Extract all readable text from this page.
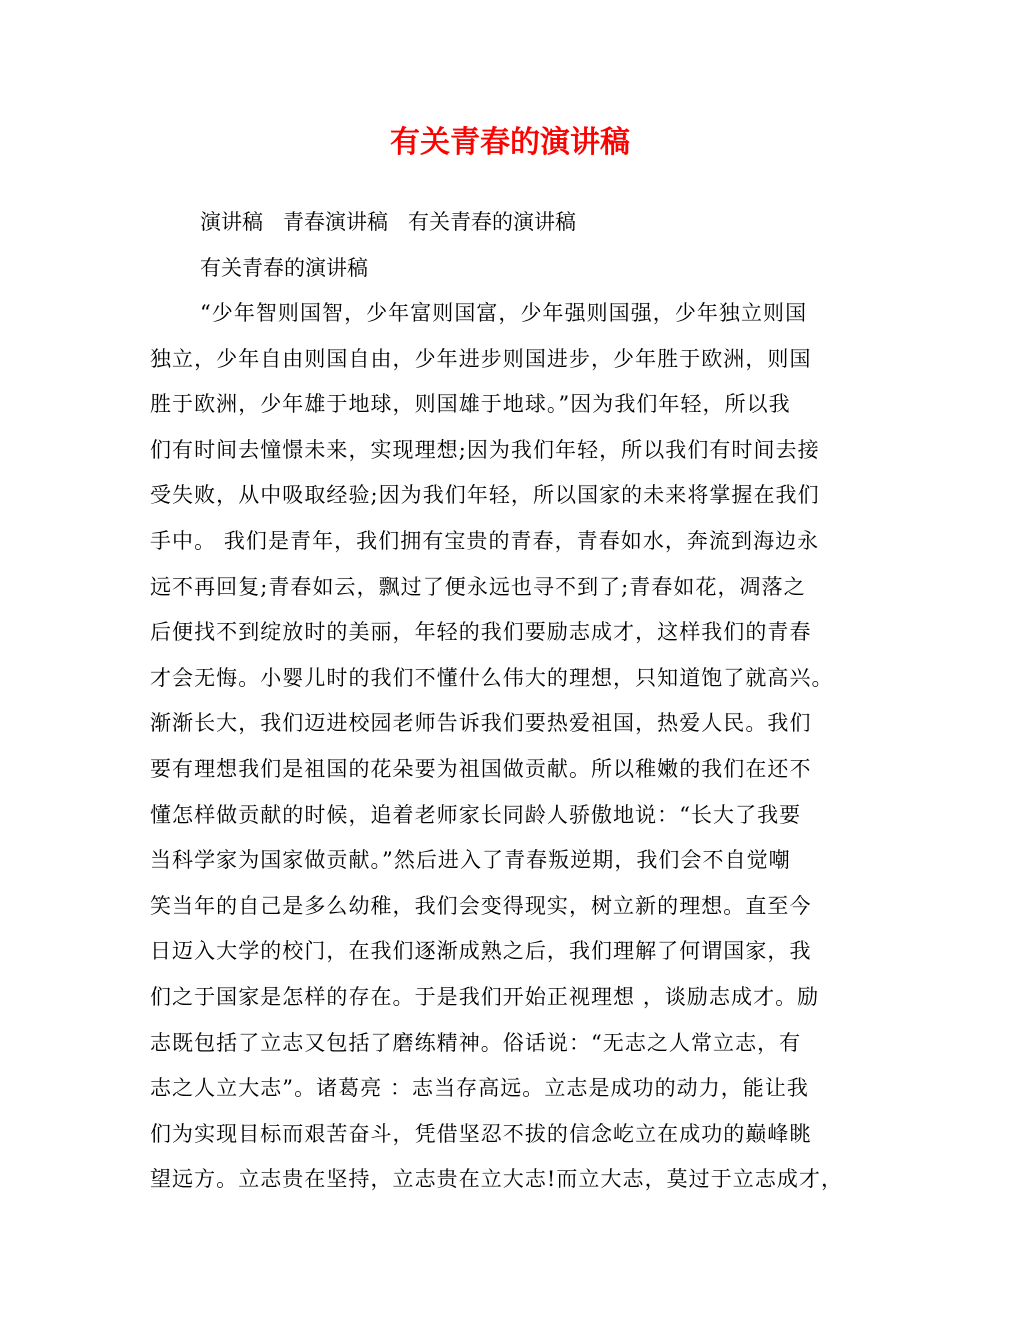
有关青春的演讲稿
演讲稿   青春演讲稿   有关青春的演讲稿
有关青春的演讲稿
“少年智则国智，少年富则国富，少年强则国强，少年独立则国
独立，少年自由则国自由，少年进步则国进步，少年胜于欧洲，则国
胜于欧洲，少年雄于地球，则国雄于地球。”因为我们年轻，所以我
们有时间去憧憬未来，实现理想;因为我们年轻，所以我们有时间去接
受失败，从中吸取经验;因为我们年轻，所以国家的未来将掌握在我们
手中。 我们是青年，我们拥有宝贵的青春，青春如水，奔流到海边永
远不再回复;青春如云，飘过了便永远也寻不到了;青春如花，凋落之
后便找不到绽放时的美丽，年轻的我们要励志成才，这样我们的青春
才会无悔。小婴儿时的我们不懂什么伟大的理想，只知道饱了就高兴。
渐渐长大，我们迈进校园老师告诉我们要热爱祖国，热爱人民。我们
要有理想我们是祖国的花朵要为祖国做贡献。所以稚嫩的我们在还不
懂怎样做贡献的时候，追着老师家长同龄人骄傲地说：“长大了我要
当科学家为国家做贡献。”然后进入了青春叛逆期，我们会不自觉嘲
笑当年的自己是多么幼稚，我们会变得现实，树立新的理想。直至今
日迈入大学的校门，在我们逐渐成熟之后，我们理解了何谓国家，我
们之于国家是怎样的存在。于是我们开始正视理想 ，谈励志成才。励
志既包括了立志又包括了磨练精神。俗话说：“无志之人常立志，有
志之人立大志”。诸葛亮 ：志当存高远。立志是成功的动力，能让我
们为实现目标而艰苦奋斗，凭借坚忍不拔的信念屹立在成功的巅峰眺
望远方。立志贵在坚持，立志贵在立大志!而立大志，莫过于立志成才，
